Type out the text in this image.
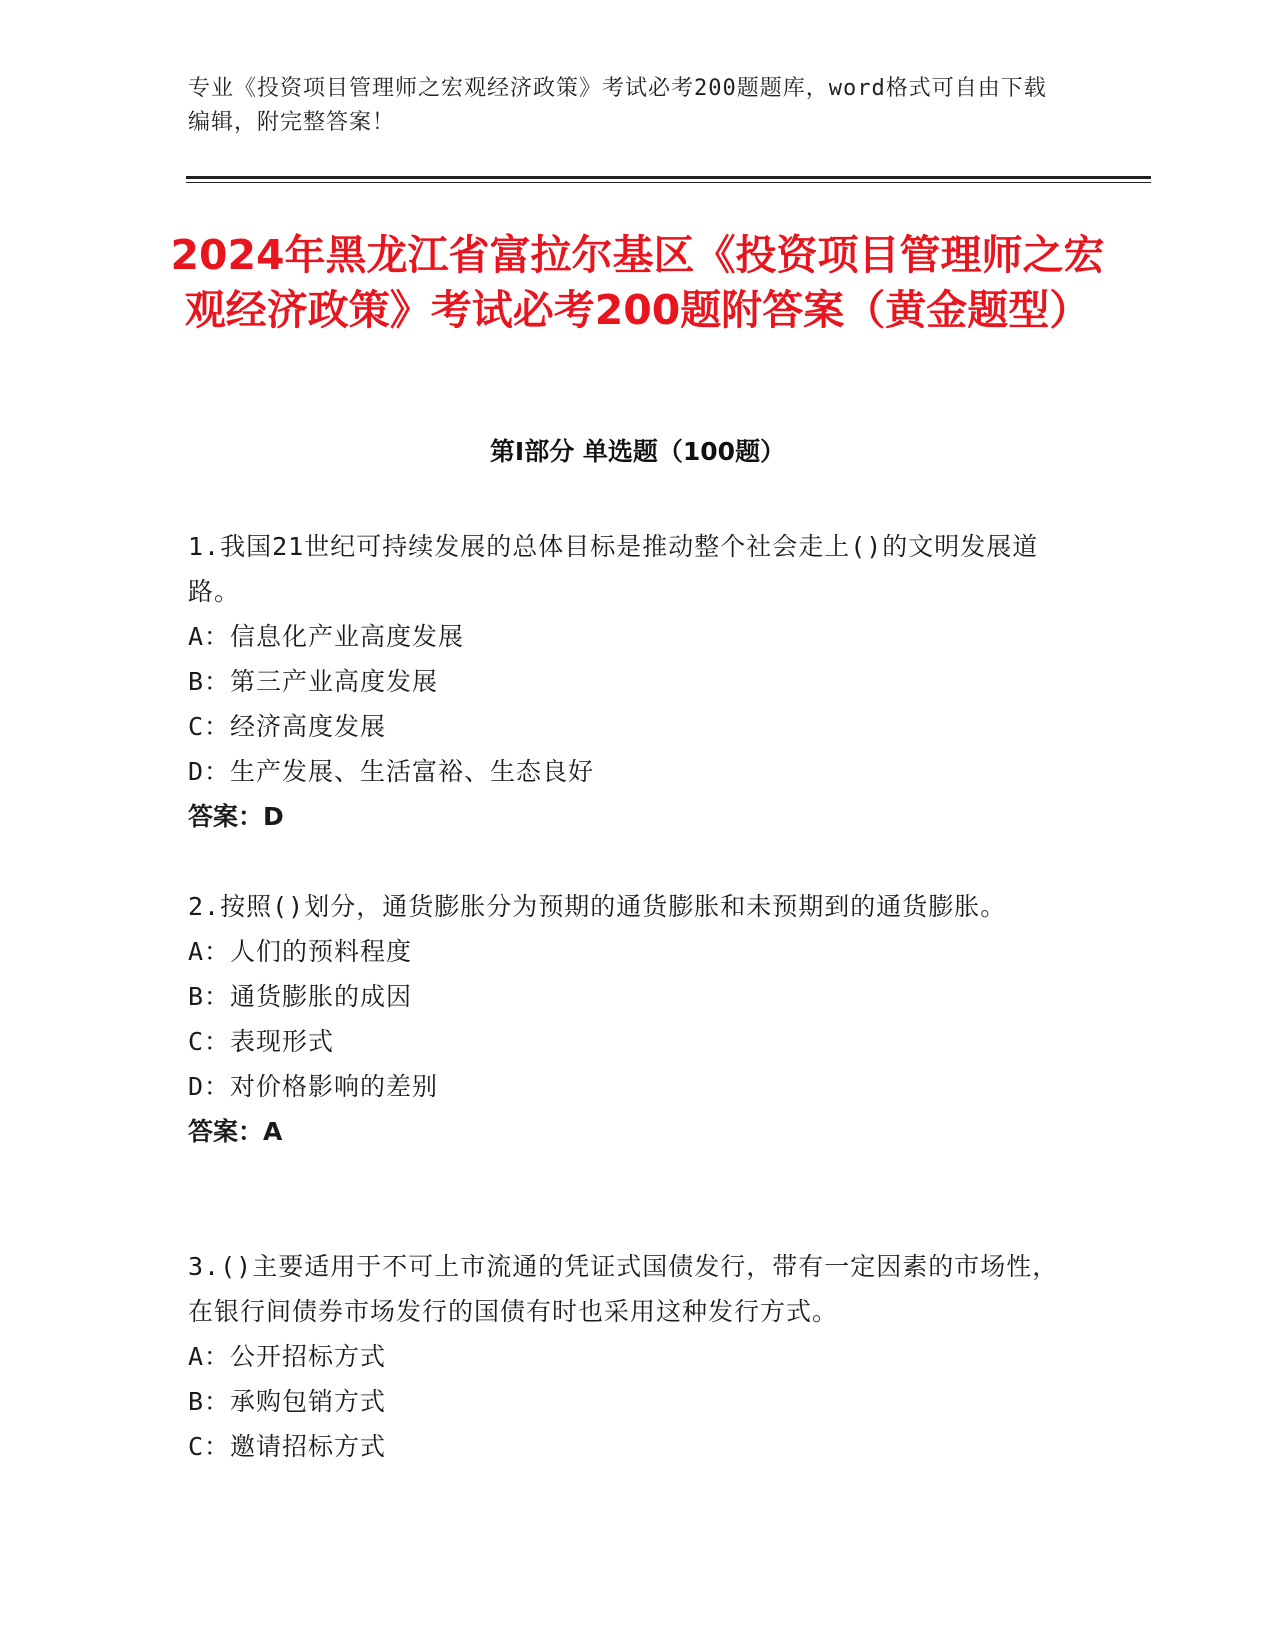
专业《投资项目管理师之宏观经济政策》考试必考200题题库，word格式可自由下载编辑，附完整答案！
2024年黑龙江省富拉尔基区《投资项目管理师之宏观经济政策》考试必考200题附答案（黄金题型）
第I部分 单选题（100题）

1.我国21世纪可持续发展的总体目标是推动整个社会走上()的文明发展道路。

A：信息化产业高度发展

B：第三产业高度发展

C：经济高度发展

D：生产发展、生活富裕、生态良好

答案：D

2.按照()划分，通货膨胀分为预期的通货膨胀和未预期到的通货膨胀。

A：人们的预料程度

B：通货膨胀的成因

C：表现形式

D：对价格影响的差别

答案：A

3.()主要适用于不可上市流通的凭证式国债发行，带有一定因素的市场性，在银行间债券市场发行的国债有时也采用这种发行方式。

A：公开招标方式

B：承购包销方式

C：邀请招标方式
